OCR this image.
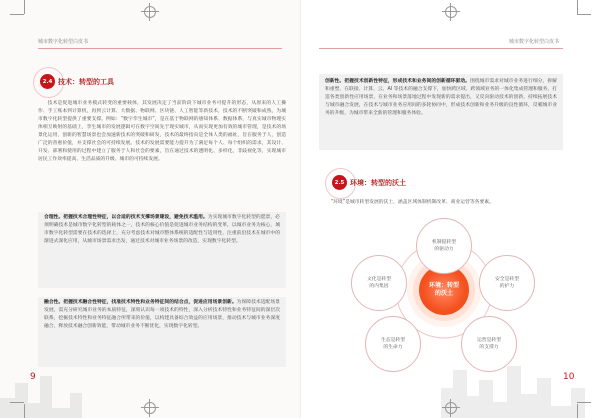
城市数字化转型白皮书
2.4 技术：转型的工具

技术是促进城市业务模式转变的重要载体，其发展决定了当前阶段下城市业务可提升的形态，从原来的人工操作、手工账本到计算机，再到云计算、大数据、物联网、区块链、人工智能等新技术，技术的不断突破和成熟，为城市数字化转型提供了重要支撑。例如：“数字孪生城市”，是在基于物联网的感知体系、数据体系，与真实城市物理实体相互映射的基础上，孪生城市的发展逻辑可在数字空间先于现实城市，从而实现更加有效的城市管理，是技术的场景化运用，创新的智慧场景也会加速新技术的突破和研发，技术的最终指向是全体人类的福祉，旨在服务于人，创造广泛的普惠价值，并支撑社会的可持续发展。技术的发展需要能力提升为了满足每个人、每个组织的需求，其设计、开发、部署和使用的过程中建立了服务于人和社会的要素，旨在通过技术的透明化、多样化，非歧视化等，实现城市居民工作效率提高、生活品质的升级、城市的可持续发展。

合理性。把握技术合理性特征，以合适的技术支撑场景建设，避免技术滥用。为实现城市数字化转型的愿景，必须明确技术是城市数字化转型的载体之一，技术的核心价值是促进城市业务结构的变革，以城市业务为核心，城市数字化转型需要在技术的选择上，充分考虑技术对城市整体系统的适配性与适用性，注重前沿技术在城市中的渐进式深化应用，从城市场景需求出发，通过技术对城市业务场景的改造，实现数字化转型。

融合性。把握技术融合性特征，找准技术特性和业务特征间的结合点，促进应用场景创新。为保障技术适配场景发展，需充分研究城市业务的本质特征，深刻认识每一项技术的特性，深入分析技术特性和业务特征间的深层次联系，挖掘技术特性和业务特征融合所带来的价值，以构建具备综合效益的应用场景，推动技术与城市业务深度融合，释放技术融合创新效能，带动城市业务不断优化，实现数字化转型。

9
城市数字化转型白皮书

创新性。把握技术创新性特征，形成技术和业务间的创新循环驱动。围绕城市需求对城市业务进行细分，拆解和重塑、在联接、计算、云、AI 等技术的融合支撑下，加快跨区域、跨领域业务的一体化集成管理和服务，打造各类创新性应用场景，在业务和场景落地过程中发现新的需求提出，又反向驱动技术的创新，持续拓展技术与城市融合发展，在技术与城市业务应用间的多轮协同中，形成技术创新和业务升级的良性循环，反哺城市业务的升级，为城市带来全新的管理和服务体验。

2.5 环境：转型的沃土

“环境”是城市转型发展的沃土，涵盖区域体制机制改革、商业运营等各要素。

环境：转型
的沃土
机制提转型
的驱动力
安全是转型
的护力
运营是转型
的支撑力
生态是转型
的生命力
文化是转型
的内集因
10
